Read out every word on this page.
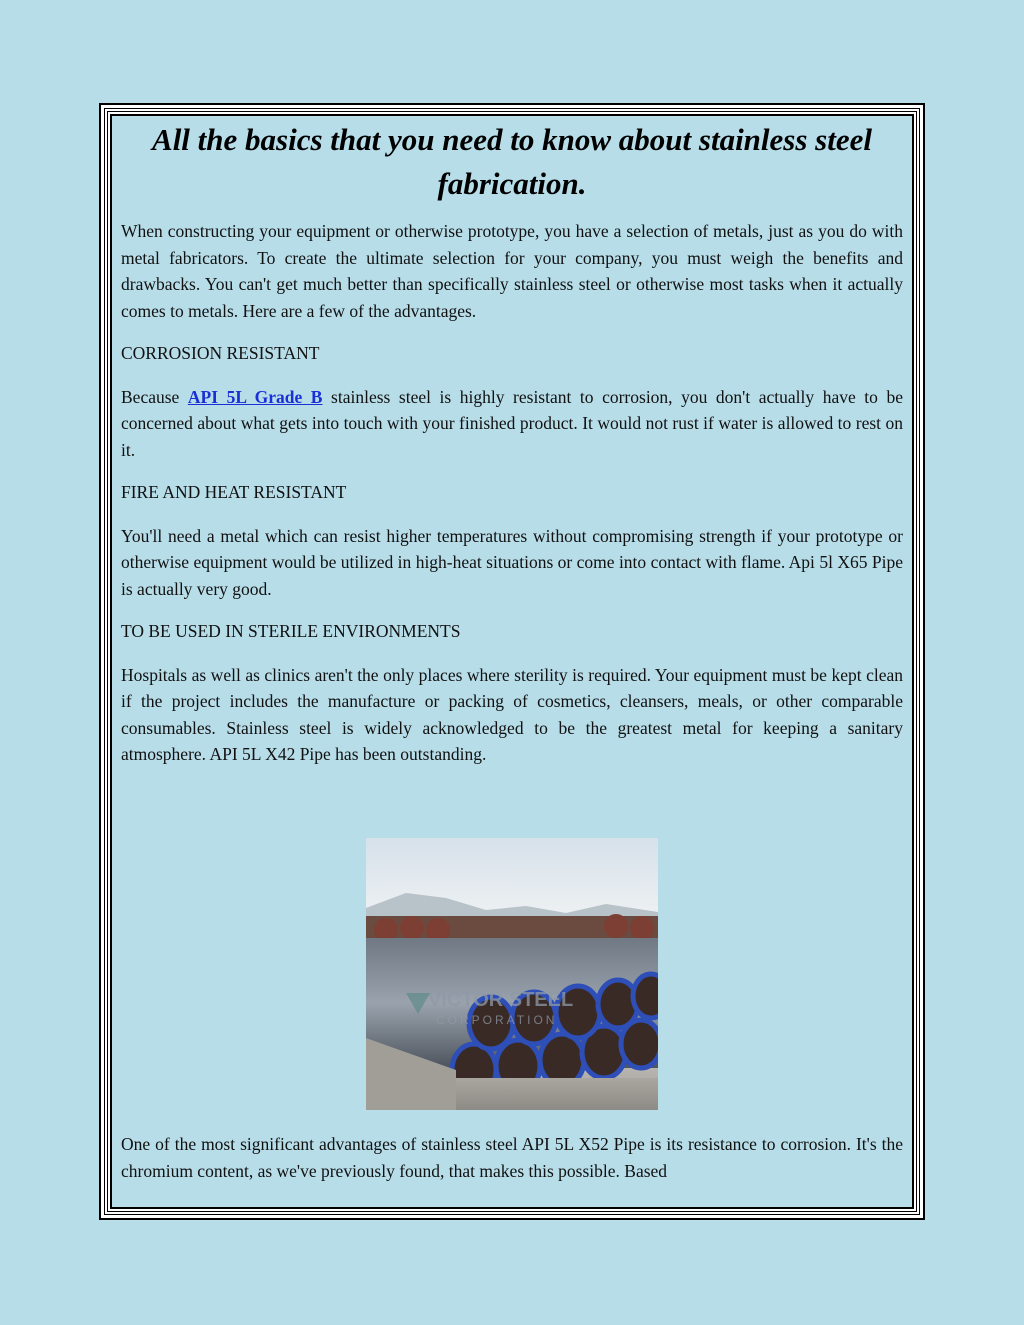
All the basics that you need to know about stainless steel fabrication.

When constructing your equipment or otherwise prototype, you have a selection of metals, just as you do with metal fabricators. To create the ultimate selection for your company, you must weigh the benefits and drawbacks. You can't get much better than specifically stainless steel or otherwise most tasks when it actually comes to metals. Here are a few of the advantages.

CORROSION RESISTANT

Because API 5L Grade B stainless steel is highly resistant to corrosion, you don't actually have to be concerned about what gets into touch with your finished product. It would not rust if water is allowed to rest on it.

FIRE AND HEAT RESISTANT

You'll need a metal which can resist higher temperatures without compromising strength if your prototype or otherwise equipment would be utilized in high-heat situations or come into contact with flame. Api 5l X65 Pipe is actually very good.

TO BE USED IN STERILE ENVIRONMENTS

Hospitals as well as clinics aren't the only places where sterility is required. Your equipment must be kept clean if the project includes the manufacture or packing of cosmetics, cleansers, meals, or other comparable consumables. Stainless steel is widely acknowledged to be the greatest metal for keeping a sanitary atmosphere. API 5L X42 Pipe has been outstanding.

VICTOR STEEL
CORPORATION

One of the most significant advantages of stainless steel API 5L X52 Pipe is its resistance to corrosion. It's the chromium content, as we've previously found, that makes this possible. Based
